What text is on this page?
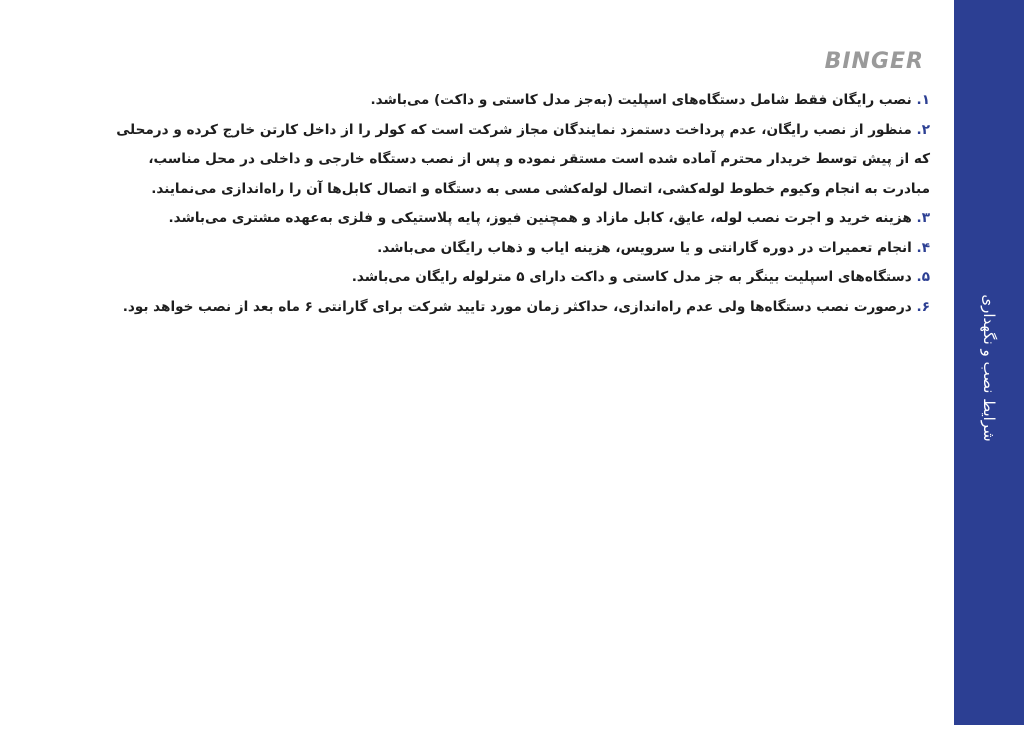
شرایط نصب و نگهداری
BINGER

۱. نصب رایگان فقط شامل دستگاه‌های اسپلیت (به‌جز مدل کاستی و داکت) می‌باشد.

۲. منظور از نصب رایگان، عدم پرداخت دستمزد نمایندگان مجاز شرکت است که کولر را از داخل کارتن خارج کرده و درمحلی

که از پیش توسط خریدار محترم آماده شده است مستقر نموده و پس از نصب دستگاه خارجی و داخلی در محل مناسب،

مبادرت به انجام وکیوم خطوط لوله‌کشی، اتصال لوله‌کشی مسی به دستگاه و اتصال کابل‌ها آن را راه‌اندازی می‌نمایند.

۳. هزینه خرید و اجرت نصب لوله، عایق، کابل مازاد و همچنین فیوز، پایه پلاستیکی و فلزی به‌عهده مشتری می‌باشد.

۴. انجام تعمیرات در دوره گارانتی و یا سرویس، هزینه ایاب و ذهاب رایگان می‌باشد.

۵. دستگاه‌های اسپلیت بینگر به جز مدل کاستی و داکت دارای ۵ مترلوله رایگان می‌باشد.

۶. درصورت نصب دستگاه‌ها ولی عدم راه‌اندازی، حداکثر زمان مورد تایید شرکت برای گارانتی ۶ ماه بعد از نصب خواهد بود.
